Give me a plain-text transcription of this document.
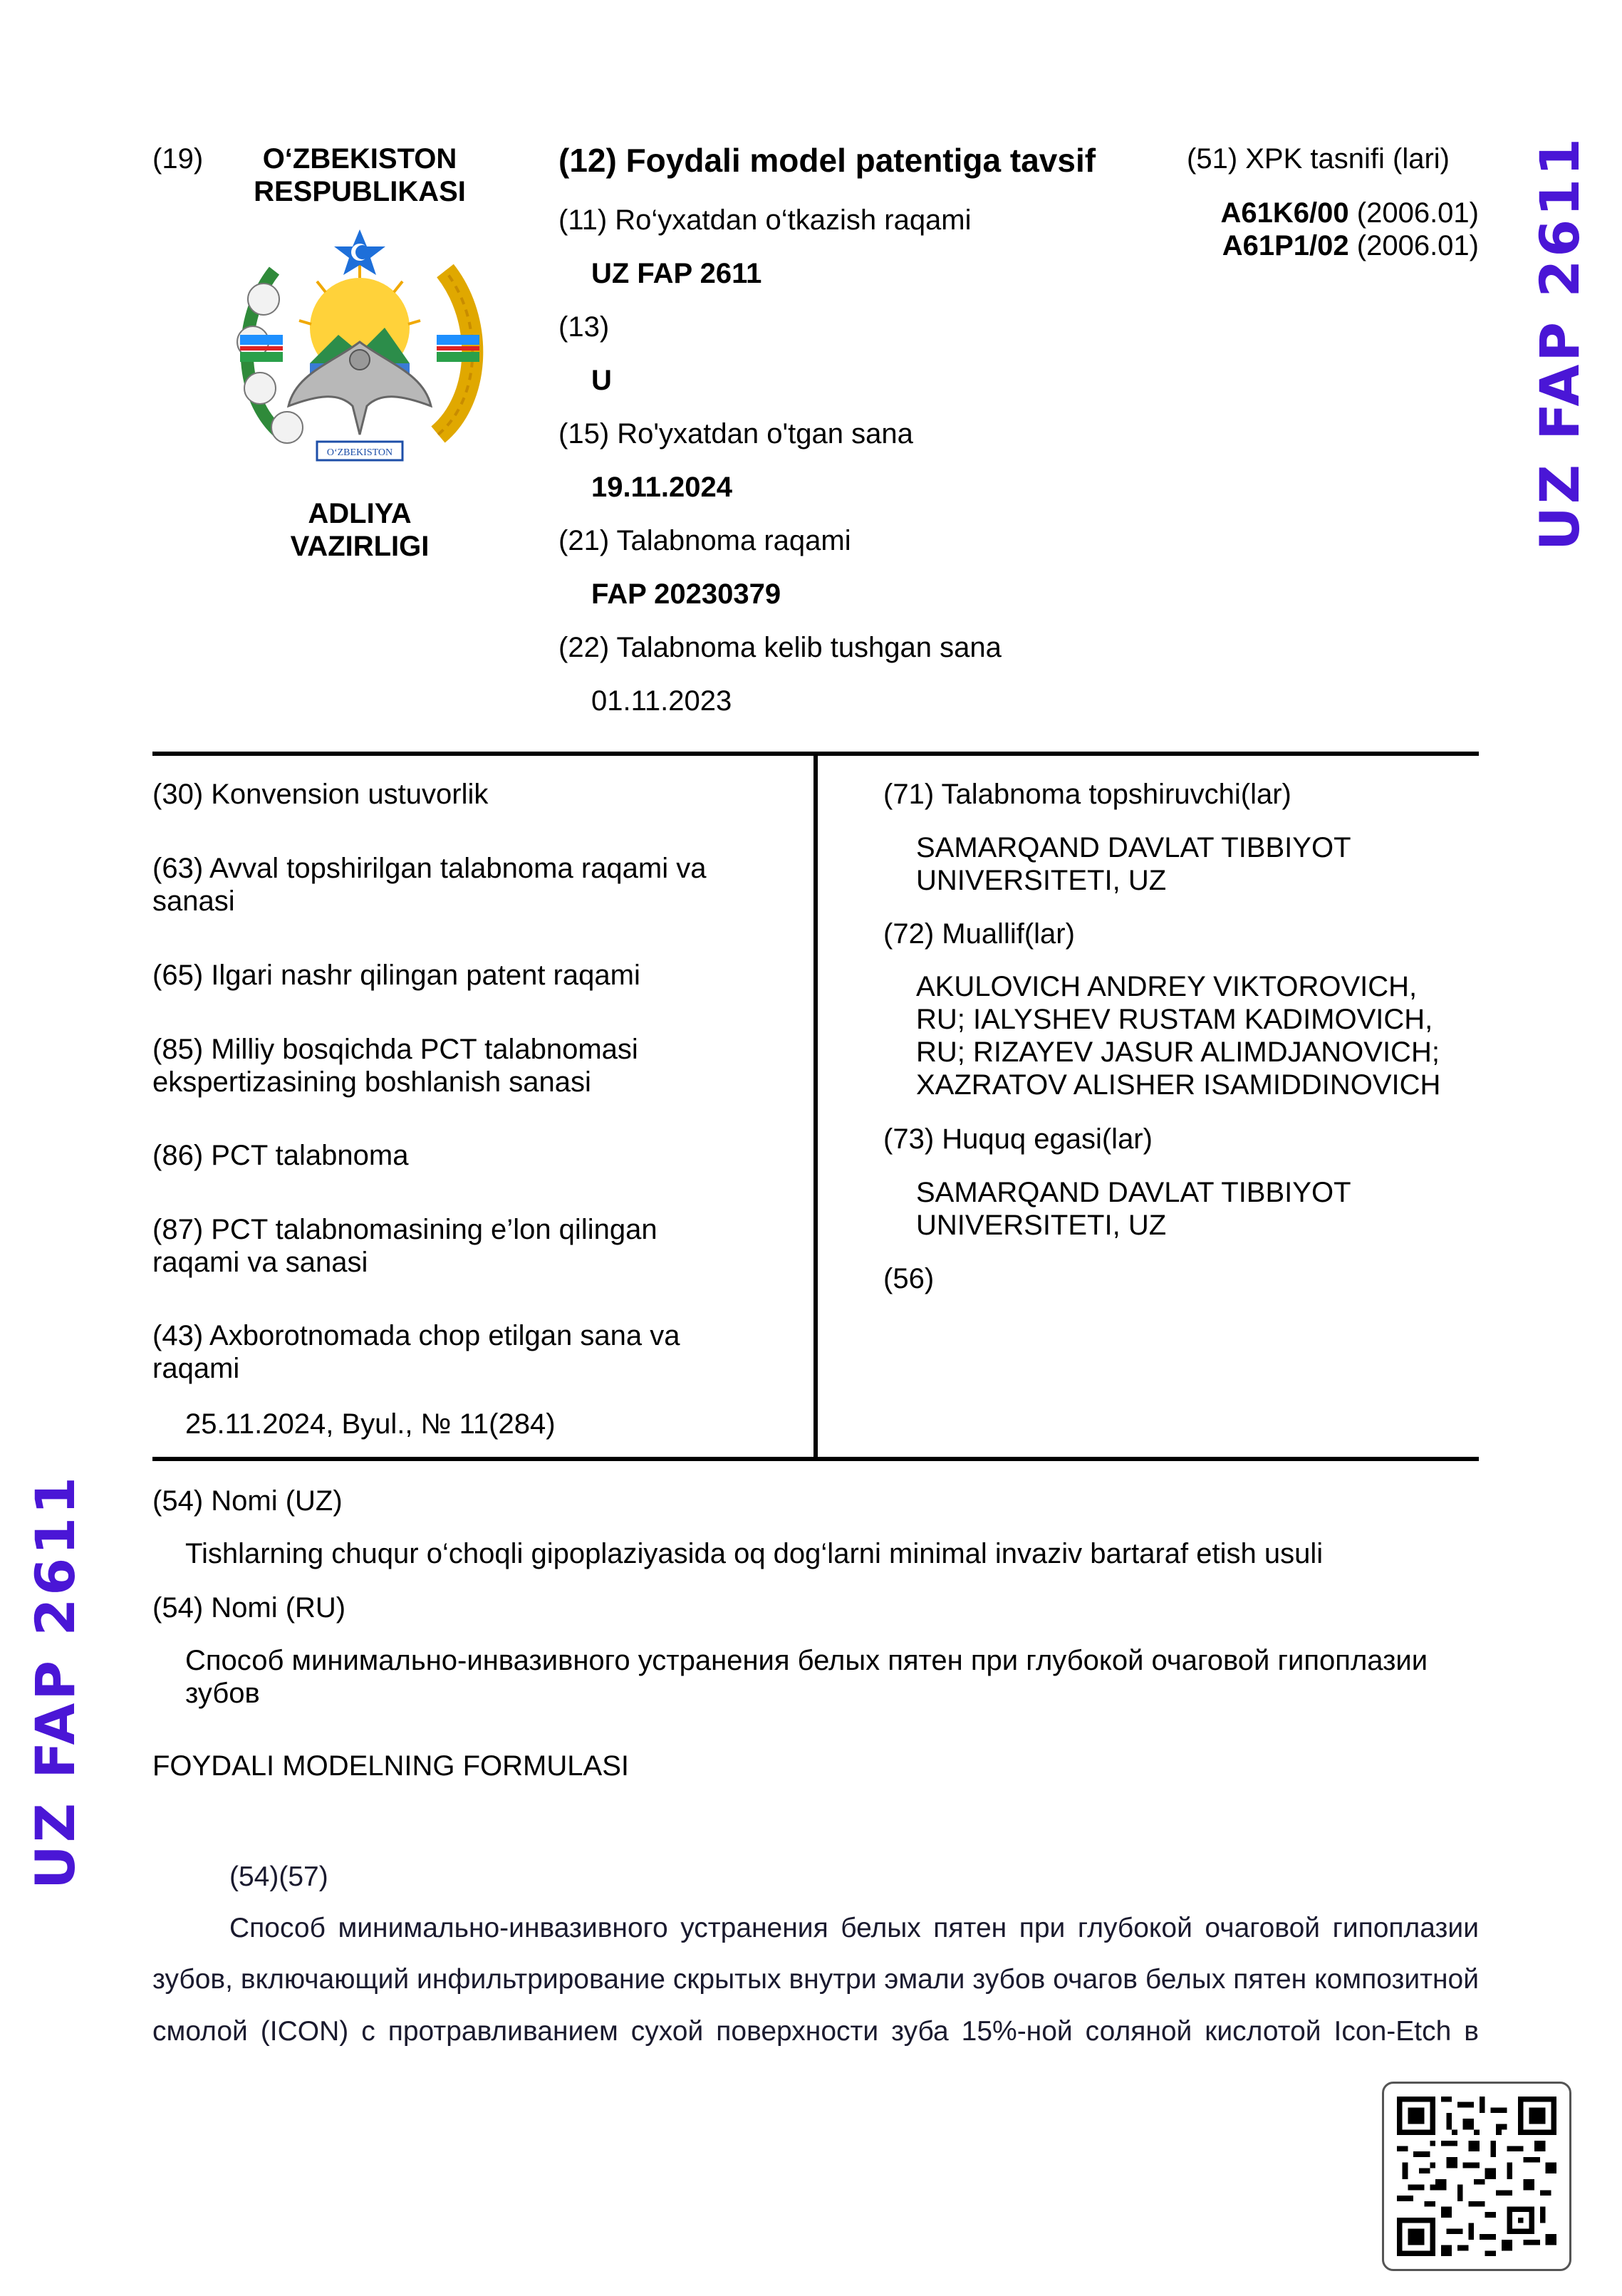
(19)	O‘ZBEKISTON
RESPUBLIKASI
O‘ZBEKISTON
ADLIYA
VAZIRLIGI
(12) Foydali model patentiga tavsif
(11) Ro‘yxatdan o‘tkazish raqami
UZ FAP 2611
(13)
U
(15) Ro'yxatdan o'tgan sana
19.11.2024
(21) Talabnoma raqami
FAP 20230379
(22) Talabnoma kelib tushgan sana
01.11.2023
(51) XPK tasnifi (lari)
A61K6/00 (2006.01)
A61P1/02 (2006.01) UZ FAP 2611
UZ FAP 2611
(30) Konvension ustuvorlik
(63) Avval topshirilgan talabnoma raqami va sanasi
(65) Ilgari nashr qilingan patent raqami
(85) Milliy bosqichda PCT talabnomasi ekspertizasining boshlanish sanasi
(86) PCT talabnoma
(87) PCT talabnomasining e’lon qilingan raqami va sanasi
(43) Axborotnomada chop etilgan sana va raqami
25.11.2024, Byul., № 11(284)
(71) Talabnoma topshiruvchi(lar)
SAMARQAND DAVLAT TIBBIYOT UNIVERSITETI, UZ
(72) Muallif(lar)
AKULOVICH ANDREY VIKTOROVICH,
RU; IALYSHEV RUSTAM KADIMOVICH,
RU; RIZAYEV JASUR ALIMDJANOVICH;
XAZRATOV ALISHER ISAMIDDINOVICH
(73) Huquq egasi(lar)
SAMARQAND DAVLAT TIBBIYOT UNIVERSITETI, UZ
(56)
(54) Nomi (UZ)
Tishlarning chuqur o‘choqli gipoplaziyasida oq dog‘larni minimal invaziv bartaraf etish usuli
(54) Nomi (RU)
Способ минимально-инвазивного устранения белых пятен при глубокой очаговой гипоплазии зубов
FOYDALI MODELNING FORMULASI
(54)(57)
Способ минимально-инвазивного устранения белых пятен при глубокой очаговой гипоплазии
зубов, включающий инфильтрирование скрытых внутри эмали зубов очагов белых пятен композитной
смолой (ICON) с протравливанием сухой поверхности зуба 15%-ной соляной кислотой Icon-Etch в
